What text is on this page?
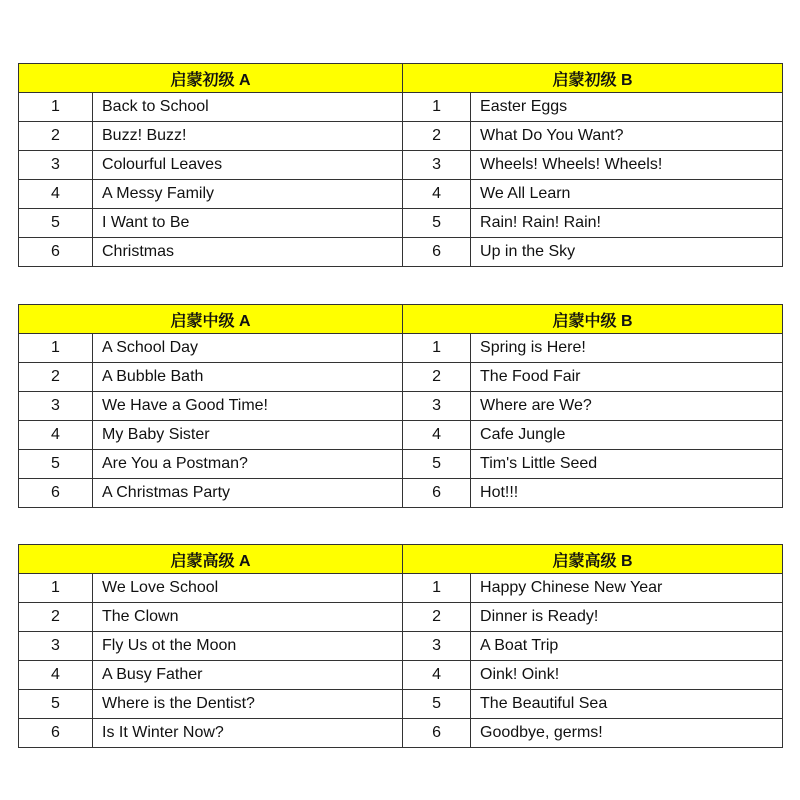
启蒙初级 A		启蒙初级 B	
1	Back to School	1	Easter Eggs
2	Buzz! Buzz!	2	What Do You Want?
3	Colourful Leaves	3	Wheels! Wheels! Wheels!
4	A Messy Family	4	We All Learn
5	I Want to Be	5	Rain! Rain! Rain!
6	Christmas	6	Up in the Sky
启蒙中级 A		启蒙中级 B	
1	A School Day	1	Spring is Here!
2	A Bubble Bath	2	The Food Fair
3	We Have a Good Time!	3	Where are We?
4	My Baby Sister	4	Cafe Jungle
5	Are You a Postman?	5	Tim's Little Seed
6	A Christmas Party	6	Hot!!!
启蒙高级 A		启蒙高级 B	
1	We Love School	1	Happy Chinese New Year
2	The Clown	2	Dinner is Ready!
3	Fly Us ot the Moon	3	A Boat Trip
4	A Busy Father	4	Oink! Oink!
5	Where is the Dentist?	5	The Beautiful Sea
6	Is It Winter Now?	6	Goodbye, germs!
